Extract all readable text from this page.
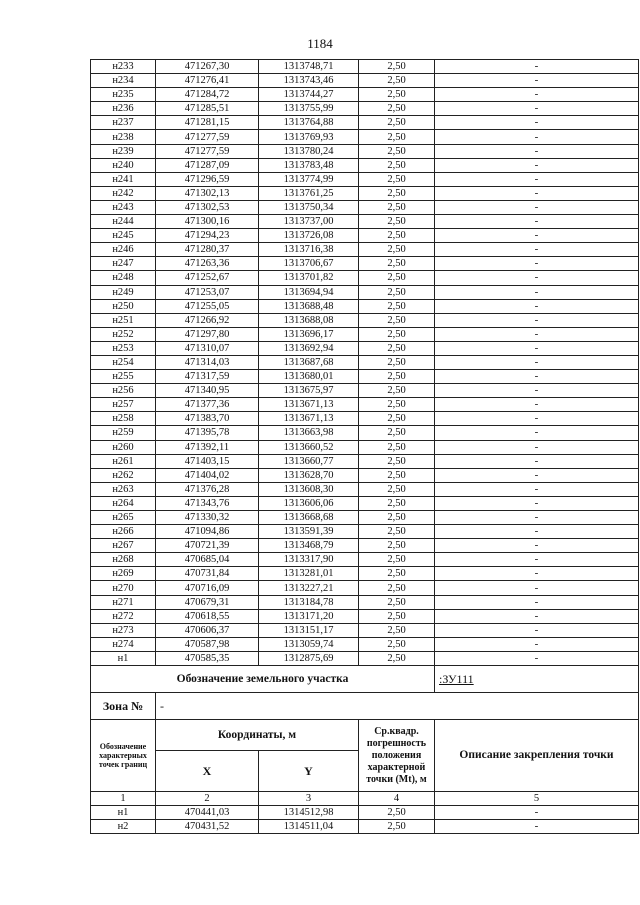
1184
н233	471267,30	1313748,71	2,50	-
н234	471276,41	1313743,46	2,50	-
н235	471284,72	1313744,27	2,50	-
н236	471285,51	1313755,99	2,50	-
н237	471281,15	1313764,88	2,50	-
н238	471277,59	1313769,93	2,50	-
н239	471277,59	1313780,24	2,50	-
н240	471287,09	1313783,48	2,50	-
н241	471296,59	1313774,99	2,50	-
н242	471302,13	1313761,25	2,50	-
н243	471302,53	1313750,34	2,50	-
н244	471300,16	1313737,00	2,50	-
н245	471294,23	1313726,08	2,50	-
н246	471280,37	1313716,38	2,50	-
н247	471263,36	1313706,67	2,50	-
н248	471252,67	1313701,82	2,50	-
н249	471253,07	1313694,94	2,50	-
н250	471255,05	1313688,48	2,50	-
н251	471266,92	1313688,08	2,50	-
н252	471297,80	1313696,17	2,50	-
н253	471310,07	1313692,94	2,50	-
н254	471314,03	1313687,68	2,50	-
н255	471317,59	1313680,01	2,50	-
н256	471340,95	1313675,97	2,50	-
н257	471377,36	1313671,13	2,50	-
н258	471383,70	1313671,13	2,50	-
н259	471395,78	1313663,98	2,50	-
н260	471392,11	1313660,52	2,50	-
н261	471403,15	1313660,77	2,50	-
н262	471404,02	1313628,70	2,50	-
н263	471376,28	1313608,30	2,50	-
н264	471343,76	1313606,06	2,50	-
н265	471330,32	1313668,68	2,50	-
н266	471094,86	1313591,39	2,50	-
н267	470721,39	1313468,79	2,50	-
н268	470685,04	1313317,90	2,50	-
н269	470731,84	1313281,01	2,50	-
н270	470716,09	1313227,21	2,50	-
н271	470679,31	1313184,78	2,50	-
н272	470618,55	1313171,20	2,50	-
н273	470606,37	1313151,17	2,50	-
н274	470587,98	1313059,74	2,50	-
н1	470585,35	1312875,69	2,50	-
Обозначение земельного участка				:ЗУ111
Зона №	-			
Обозначение характерных точек границ	Координаты, м		Ср.квадр. погрешность положения характерной точки (Mt), м	Описание закрепления точки
	X	Y		
1	2	3	4	5
н1	470441,03	1314512,98	2,50	-
н2	470431,52	1314511,04	2,50	-
